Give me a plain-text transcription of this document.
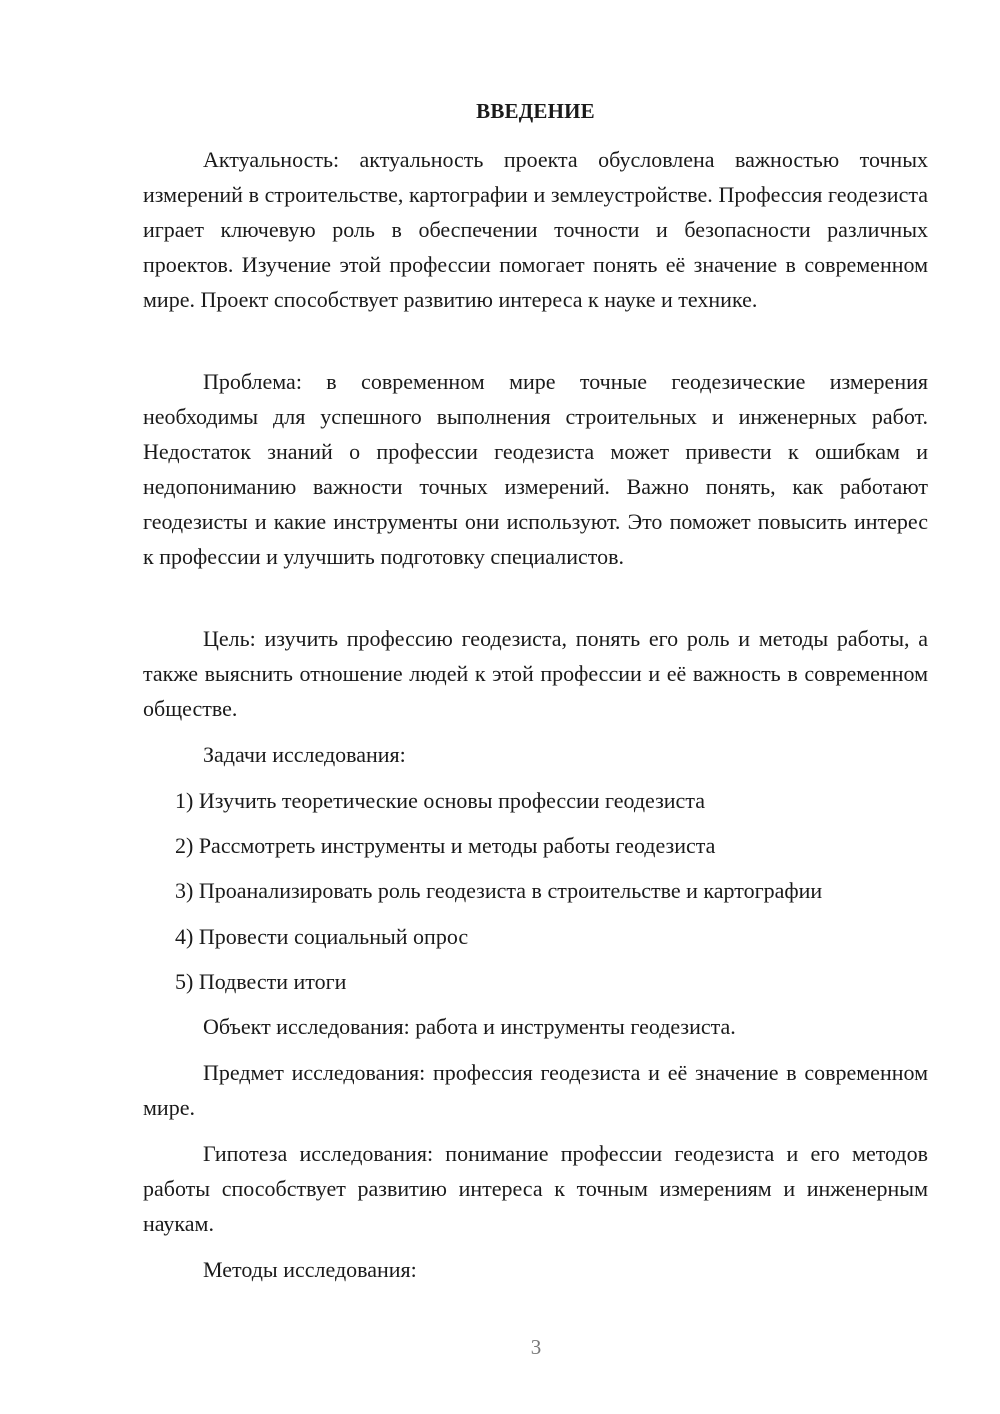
ВВЕДЕНИЕ

Актуальность: актуальность проекта обусловлена важностью точных измерений в строительстве, картографии и землеустройстве. Профессия геодезиста играет ключевую роль в обеспечении точности и безопасности различных проектов. Изучение этой профессии помогает понять её значение в современном мире. Проект способствует развитию интереса к науке и технике.

Проблема: в современном мире точные геодезические измерения необходимы для успешного выполнения строительных и инженерных работ. Недостаток знаний о профессии геодезиста может привести к ошибкам и недопониманию важности точных измерений. Важно понять, как работают геодезисты и какие инструменты они используют. Это поможет повысить интерес к профессии и улучшить подготовку специалистов.

Цель: изучить профессию геодезиста, понять его роль и методы работы, а также выяснить отношение людей к этой профессии и её важность в современном обществе.

Задачи исследования:

1) Изучить теоретические основы профессии геодезиста

2) Рассмотреть инструменты и методы работы геодезиста

3) Проанализировать роль геодезиста в строительстве и картографии

4) Провести социальный опрос

5) Подвести итоги

Объект исследования: работа и инструменты геодезиста.

Предмет исследования: профессия геодезиста и её значение в современном мире.

Гипотеза исследования: понимание профессии геодезиста и его методов работы способствует развитию интереса к точным измерениям и инженерным наукам.

Методы исследования:

3
